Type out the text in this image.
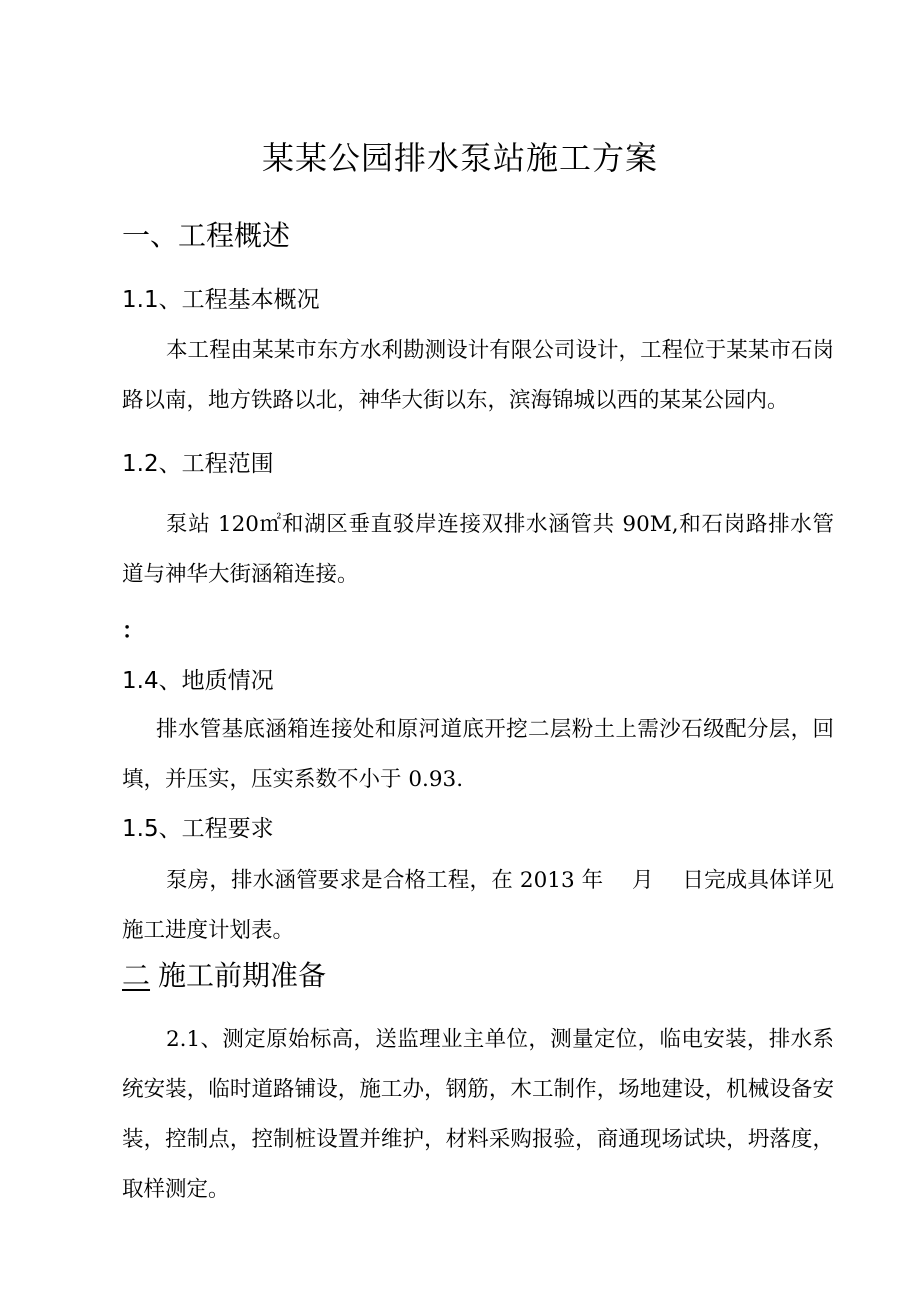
某某公园排水泵站施工方案
一、工程概述
1.1、工程基本概况
本工程由某某市东方水利勘测设计有限公司设计，工程位于某某市石岗路以南，地方铁路以北，神华大街以东，滨海锦城以西的某某公园内。
1.2、工程范围
泵站 120㎡和湖区垂直驳岸连接双排水涵管共 90M,和石岗路排水管道与神华大街涵箱连接。
：
1.4、地质情况
排水管基底涵箱连接处和原河道底开挖二层粉土上需沙石级配分层，回填，并压实，压实系数不小于 0.93.
1.5、工程要求
泵房，排水涵管要求是合格工程，在 2013 年　 月　 日完成具体详见施工进度计划表。
二 施工前期准备
2.1、测定原始标高，送监理业主单位，测量定位，临电安装，排水系统安装，临时道路铺设，施工办，钢筋，木工制作，场地建设，机械设备安装，控制点，控制桩设置并维护，材料采购报验，商通现场试块，坍落度，取样测定。
